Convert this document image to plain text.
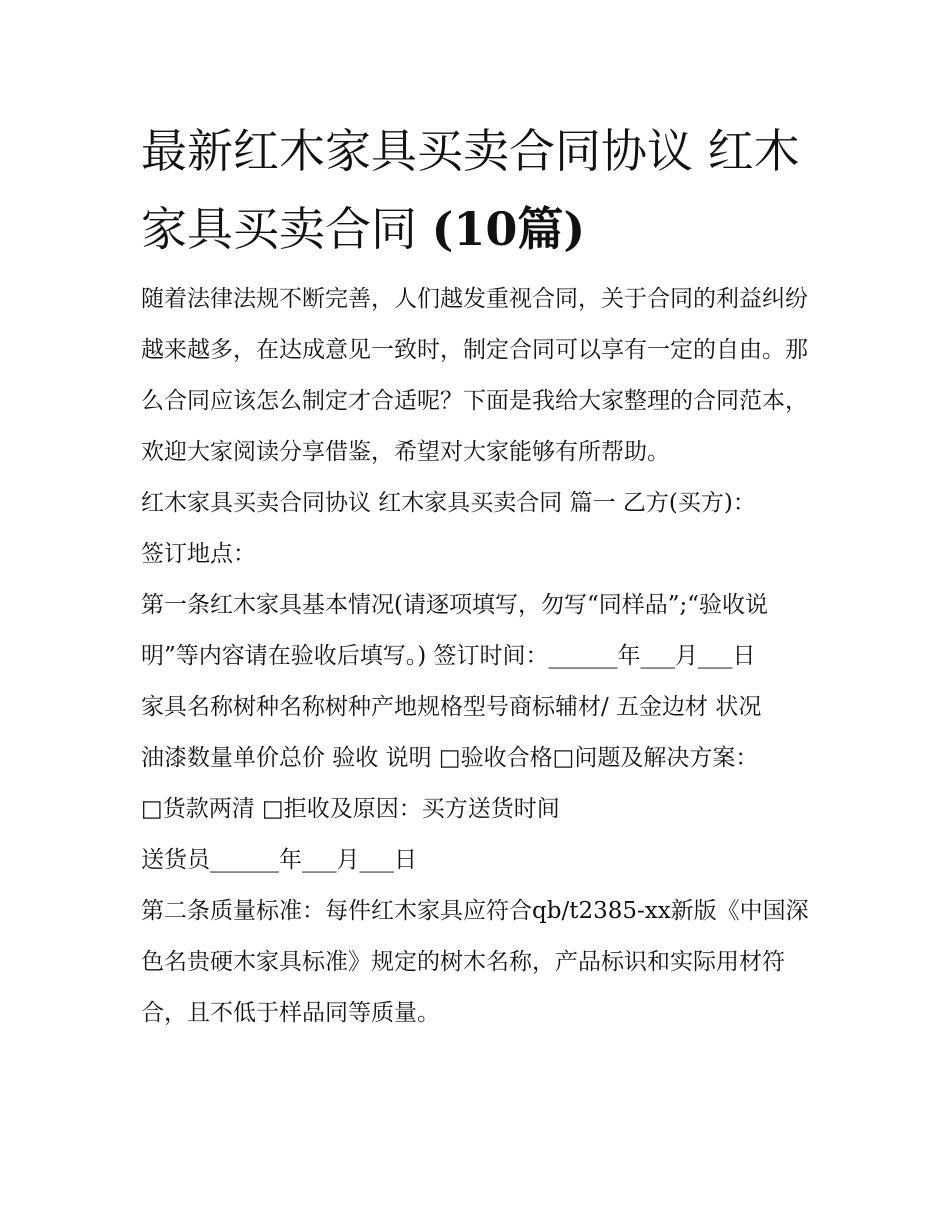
最新红木家具买卖合同协议 红木家具买卖合同 (10篇)

随着法律法规不断完善，人们越发重视合同，关于合同的利益纠纷越来越多，在达成意见一致时，制定合同可以享有一定的自由。那么合同应该怎么制定才合适呢？下面是我给大家整理的合同范本，欢迎大家阅读分享借鉴，希望对大家能够有所帮助。

红木家具买卖合同协议 红木家具买卖合同 篇一 乙方(买方)：

签订地点：

第一条红木家具基本情况(请逐项填写，勿写“同样品”;“验收说明”等内容请在验收后填写。) 签订时间：______年___月___日

家具名称树种名称树种产地规格型号商标辅材/ 五金边材 状况

油漆数量单价总价 验收 说明 □验收合格□问题及解决方案：

□货款两清 □拒收及原因：买方送货时间

送货员______年___月___日

第二条质量标准：每件红木家具应符合qb/t2385-xx新版《中国深色名贵硬木家具标准》规定的树木名称，产品标识和实际用材符合，且不低于样品同等质量。
